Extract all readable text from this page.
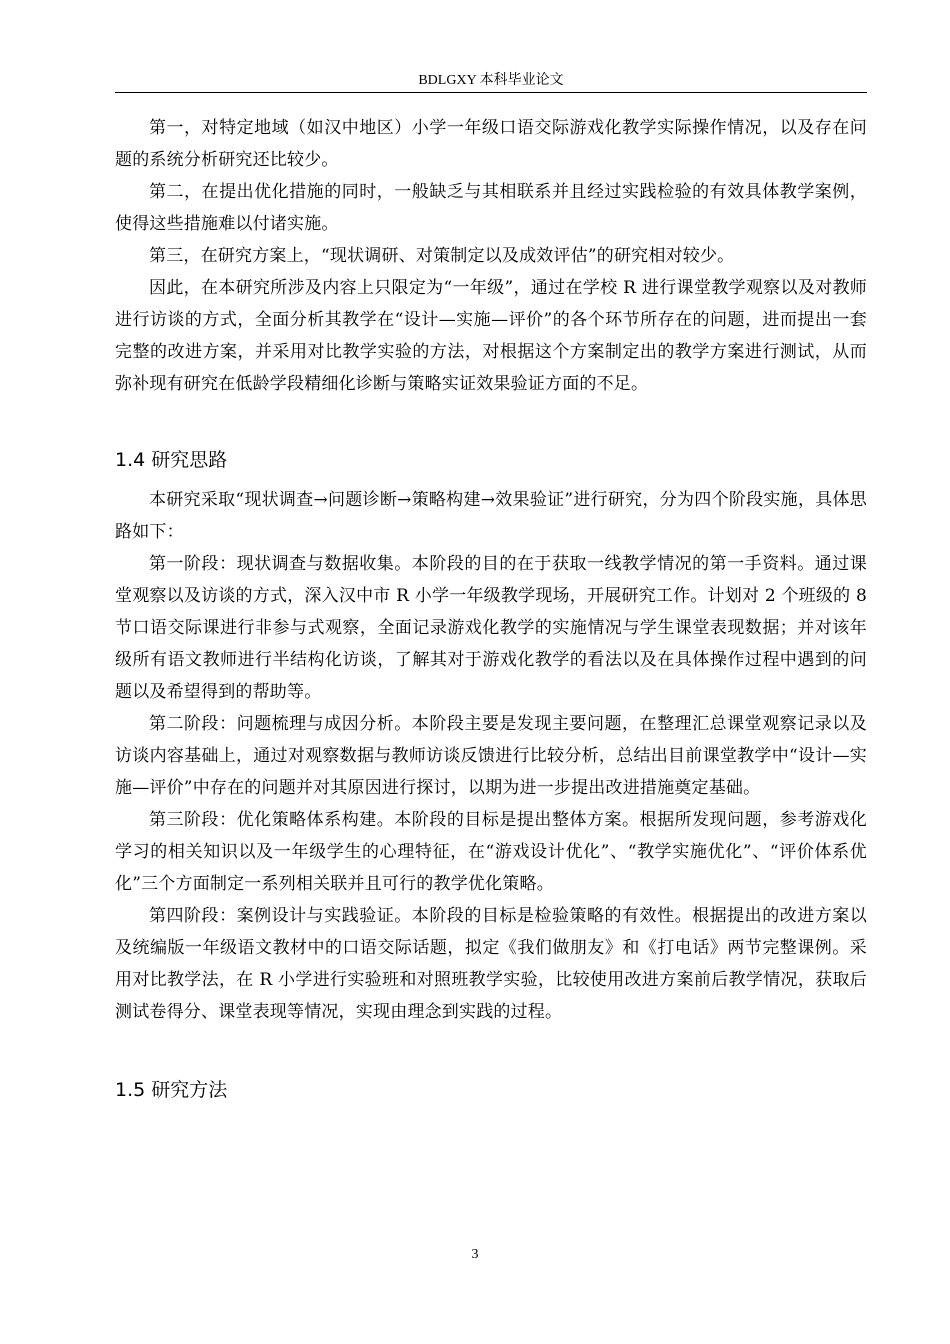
BDLGXY 本科毕业论文

第一，对特定地域（如汉中地区）小学一年级口语交际游戏化教学实际操作情况，以及存在问题的系统分析研究还比较少。

第二，在提出优化措施的同时，一般缺乏与其相联系并且经过实践检验的有效具体教学案例，使得这些措施难以付诸实施。

第三，在研究方案上，“现状调研、对策制定以及成效评估”的研究相对较少。

因此，在本研究所涉及内容上只限定为“一年级”，通过在学校 R 进行课堂教学观察以及对教师进行访谈的方式，全面分析其教学在“设计—实施—评价”的各个环节所存在的问题，进而提出一套完整的改进方案，并采用对比教学实验的方法，对根据这个方案制定出的教学方案进行测试，从而弥补现有研究在低龄学段精细化诊断与策略实证效果验证方面的不足。

1.4 研究思路

本研究采取“现状调查→问题诊断→策略构建→效果验证”进行研究，分为四个阶段实施，具体思路如下：

第一阶段：现状调查与数据收集。本阶段的目的在于获取一线教学情况的第一手资料。通过课堂观察以及访谈的方式，深入汉中市 R 小学一年级教学现场，开展研究工作。计划对 2 个班级的 8 节口语交际课进行非参与式观察，全面记录游戏化教学的实施情况与学生课堂表现数据；并对该年级所有语文教师进行半结构化访谈，了解其对于游戏化教学的看法以及在具体操作过程中遇到的问题以及希望得到的帮助等。

第二阶段：问题梳理与成因分析。本阶段主要是发现主要问题，在整理汇总课堂观察记录以及访谈内容基础上，通过对观察数据与教师访谈反馈进行比较分析，总结出目前课堂教学中“设计—实施—评价”中存在的问题并对其原因进行探讨，以期为进一步提出改进措施奠定基础。

第三阶段：优化策略体系构建。本阶段的目标是提出整体方案。根据所发现问题，参考游戏化学习的相关知识以及一年级学生的心理特征，在“游戏设计优化”、“教学实施优化”、“评价体系优化”三个方面制定一系列相关联并且可行的教学优化策略。

第四阶段：案例设计与实践验证。本阶段的目标是检验策略的有效性。根据提出的改进方案以及统编版一年级语文教材中的口语交际话题，拟定《我们做朋友》和《打电话》两节完整课例。采用对比教学法，在 R 小学进行实验班和对照班教学实验，比较使用改进方案前后教学情况，获取后测试卷得分、课堂表现等情况，实现由理念到实践的过程。

1.5 研究方法
3
